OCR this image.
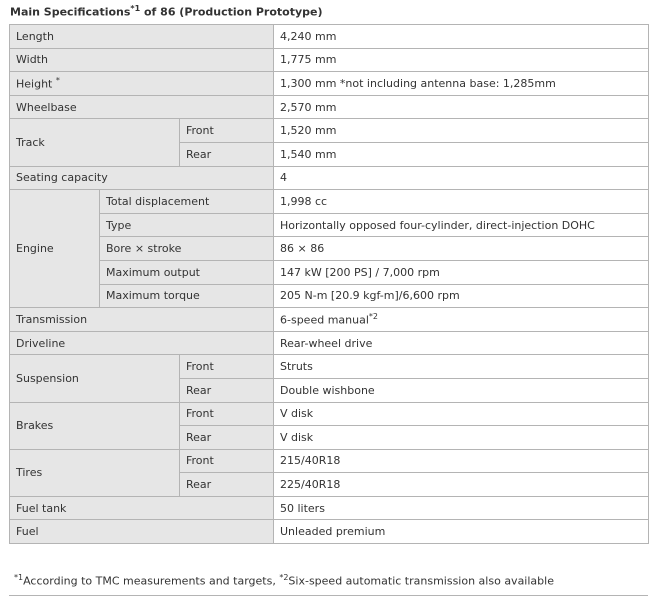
Main Specifications$^{*1}$ of 86 (Production Prototype)
Length			4,240 mm
Width			1,775 mm
Height *			1,300 mm *not including antenna base: 1,285mm
Wheelbase			2,570 mm
Track		Front	1,520 mm
		Rear	1,540 mm
Seating capacity			4
Engine	Total displacement		1,998 cc
	Type		Horizontally opposed four-cylinder, direct-injection DOHC
	Bore × stroke		86 × 86
	Maximum output		147 kW [200 PS] / 7,000 rpm
	Maximum torque		205 N-m [20.9 kgf-m]/6,600 rpm
Transmission			6-speed manual$^{*2}$
Driveline			Rear-wheel drive
Suspension		Front	Struts
		Rear	Double wishbone
Brakes		Front	V disk
		Rear	V disk
Tires		Front	215/40R18
		Rear	225/40R18
Fuel tank			50 liters
Fuel			Unleaded premium
$^{*1}$According to TMC measurements and targets, $^{*2}$Six-speed automatic transmission also available
